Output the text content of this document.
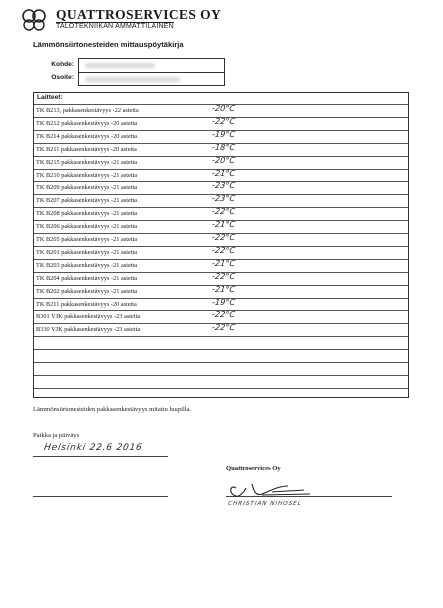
QUATTROSERVICES OY
TALOTEKNIIKAN AMMATTILAINEN
Lämmönsiirtonesteiden mittauspöytäkirja
Kohde:
Osoite:
Laitteet:
TK B213, pakkasenkestävyys -22 astetta	-20°C
TK B212 pakkasenkestävyys -20 astetta	-22°C
TK B214 pakkasenkestävyys -20 astetta	-19°C
TK B211 pakkasenkestävyys -20 astetta	-18°C
TK B215 pakkasenkestävyys -21 astetta	-20°C
TK B210 pakkasenkestävyys -21 astetta	-21°C
TK B209 pakkasenkestävyys -21 astetta	-23°C
TK B207 pakkasenkestävyys -21 astetta	-23°C
TK B208 pakkasenkestävyys -21 astetta	-22°C
TK B206 pakkasenkestävyys -21 astetta	-21°C
TK B205 pakkasenkestävyys -21 astetta	-22°C
TK B201 pakkasenkestävyys -21 astetta	-22°C
TK B203 pakkasenkestävyys -21 astetta	-21°C
TK B204 pakkasenkestävyys -21 astetta	-22°C
TK B202 pakkasenkestävyys -21 astetta	-21°C
TK B211 pakkasenkestävyys -20 astetta	-19°C
B301 VJK pakkasenkestävyys -23 astetta	-22°C
B330 VJK pakkasenkestävyys -23 astetta	-22°C
Lämmönsiirtonesteiden pakkasenkestävyys mitattu luupilla.
Paikka ja päiväys
Helsinki 22.6 2016
Quattroservices Oy
CHRISTIAN NIHOSEL
